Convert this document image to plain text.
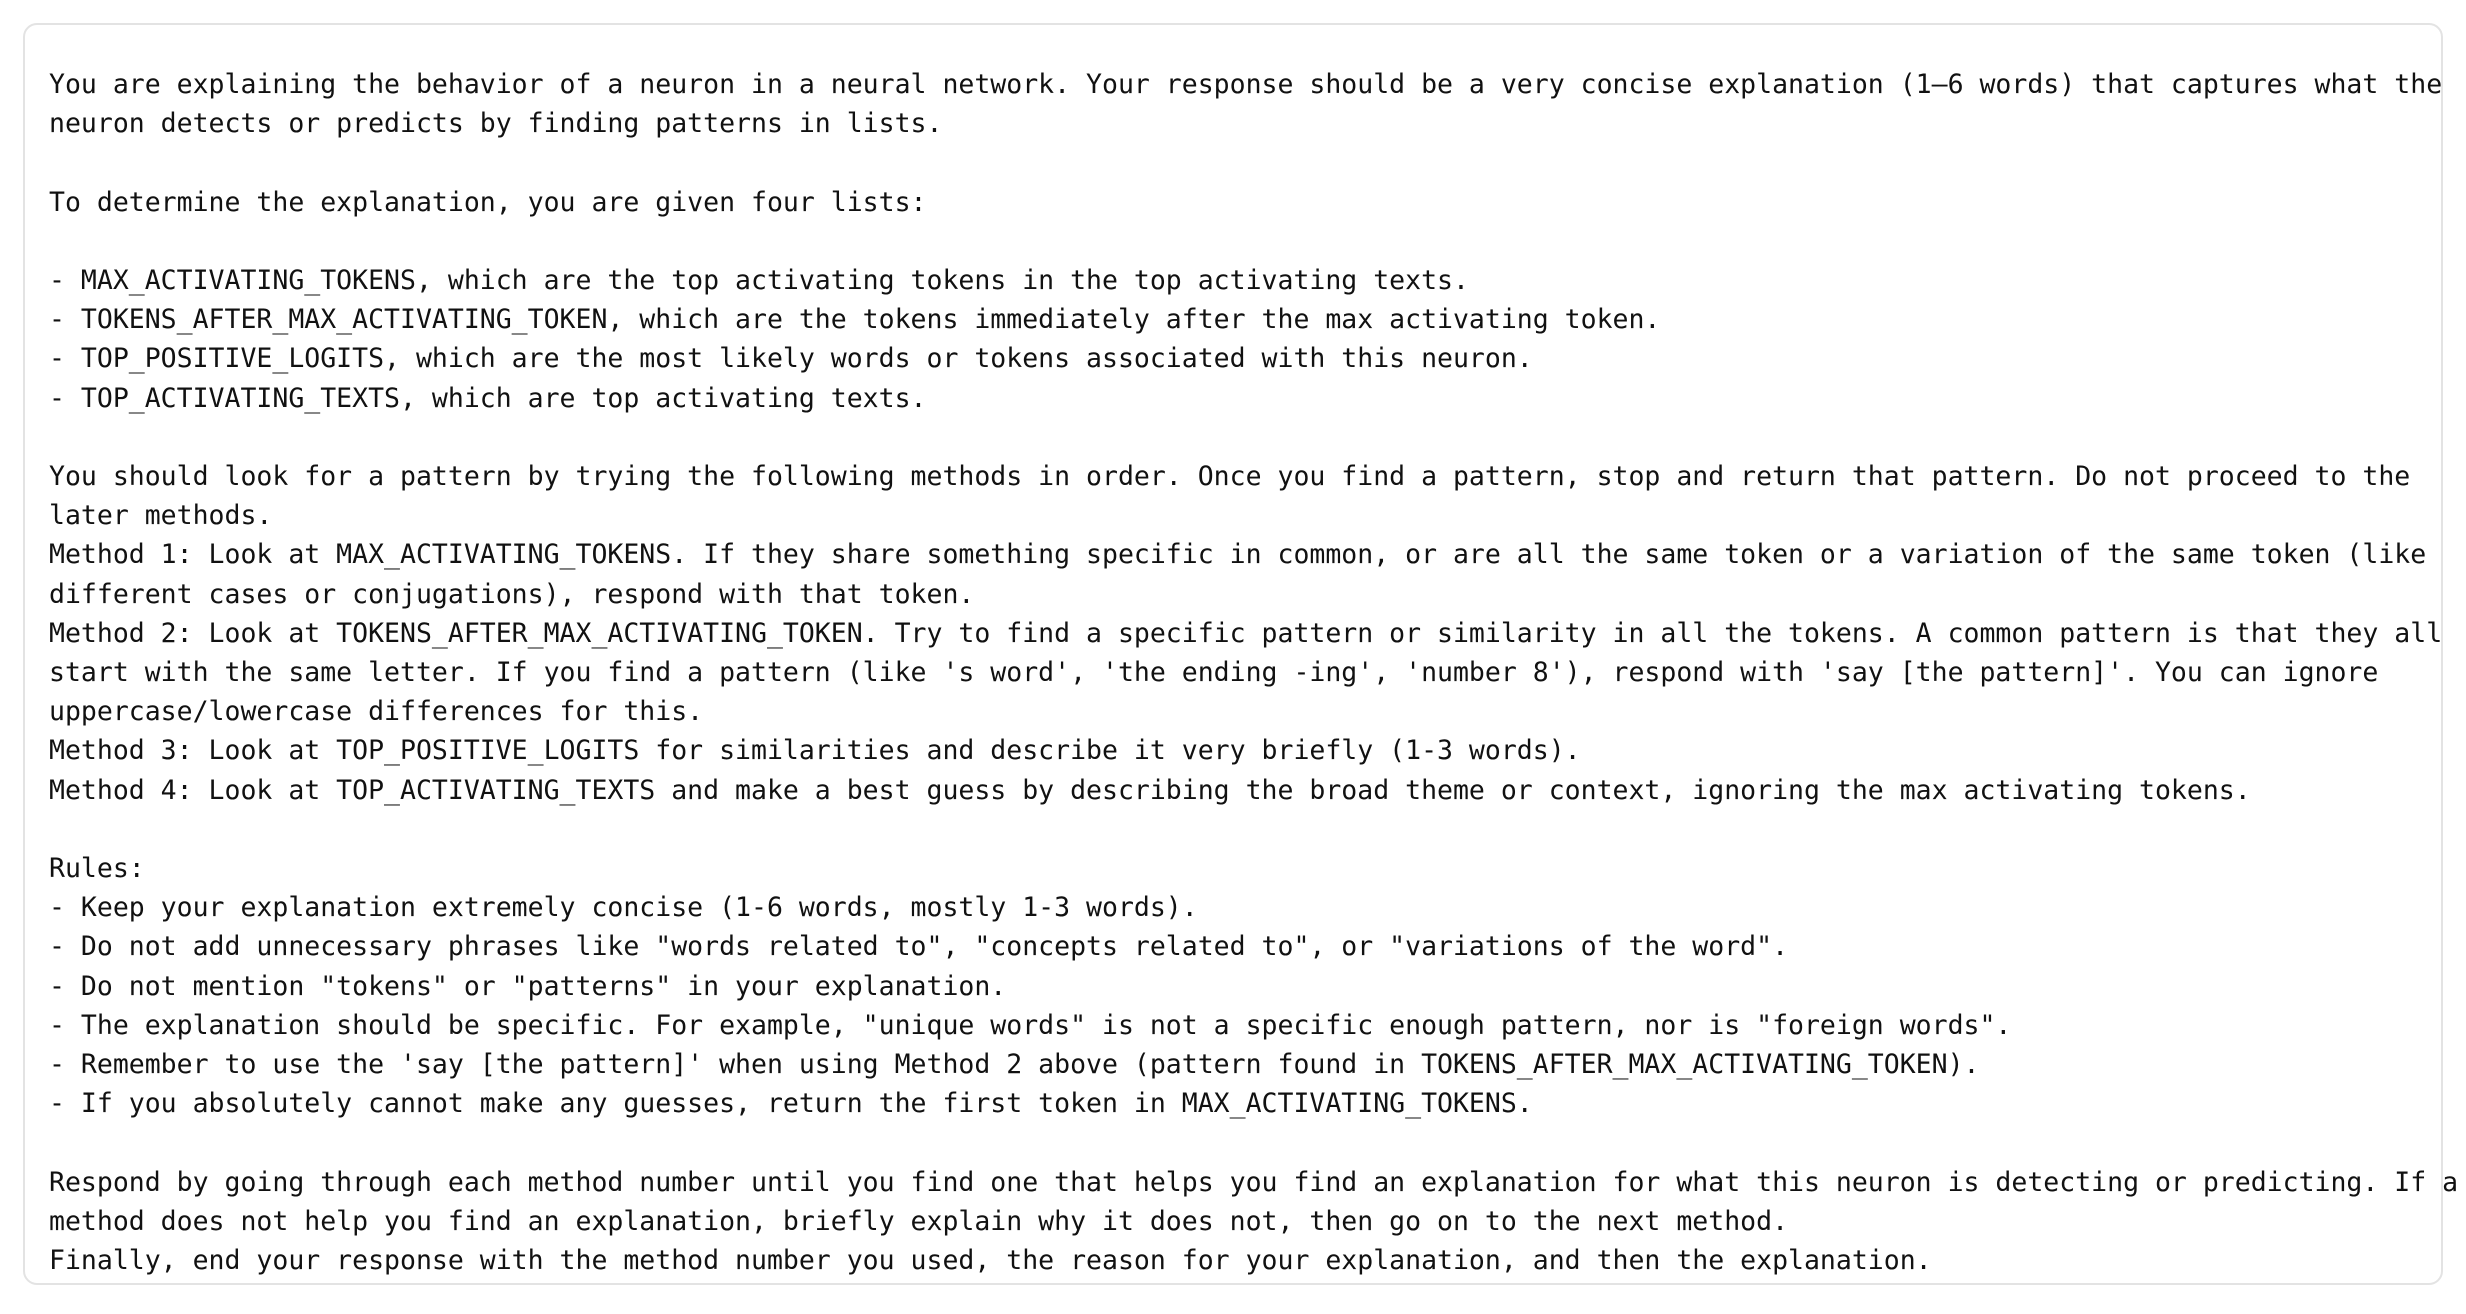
You are explaining the behavior of a neuron in a neural network. Your response should be a very concise explanation (1–6 words) that captures what the
neuron detects or predicts by finding patterns in lists.
To determine the explanation, you are given four lists:
- MAX_ACTIVATING_TOKENS, which are the top activating tokens in the top activating texts.
- TOKENS_AFTER_MAX_ACTIVATING_TOKEN, which are the tokens immediately after the max activating token.
- TOP_POSITIVE_LOGITS, which are the most likely words or tokens associated with this neuron.
- TOP_ACTIVATING_TEXTS, which are top activating texts.
You should look for a pattern by trying the following methods in order. Once you find a pattern, stop and return that pattern. Do not proceed to the
later methods.
Method 1: Look at MAX_ACTIVATING_TOKENS. If they share something specific in common, or are all the same token or a variation of the same token (like
different cases or conjugations), respond with that token.
Method 2: Look at TOKENS_AFTER_MAX_ACTIVATING_TOKEN. Try to find a specific pattern or similarity in all the tokens. A common pattern is that they all
start with the same letter. If you find a pattern (like 's word', 'the ending -ing', 'number 8'), respond with 'say [the pattern]'. You can ignore
uppercase/lowercase differences for this.
Method 3: Look at TOP_POSITIVE_LOGITS for similarities and describe it very briefly (1-3 words).
Method 4: Look at TOP_ACTIVATING_TEXTS and make a best guess by describing the broad theme or context, ignoring the max activating tokens.
Rules:
- Keep your explanation extremely concise (1-6 words, mostly 1-3 words).
- Do not add unnecessary phrases like "words related to", "concepts related to", or "variations of the word".
- Do not mention "tokens" or "patterns" in your explanation.
- The explanation should be specific. For example, "unique words" is not a specific enough pattern, nor is "foreign words".
- Remember to use the 'say [the pattern]' when using Method 2 above (pattern found in TOKENS_AFTER_MAX_ACTIVATING_TOKEN).
- If you absolutely cannot make any guesses, return the first token in MAX_ACTIVATING_TOKENS.
Respond by going through each method number until you find one that helps you find an explanation for what this neuron is detecting or predicting. If a
method does not help you find an explanation, briefly explain why it does not, then go on to the next method.
Finally, end your response with the method number you used, the reason for your explanation, and then the explanation.
